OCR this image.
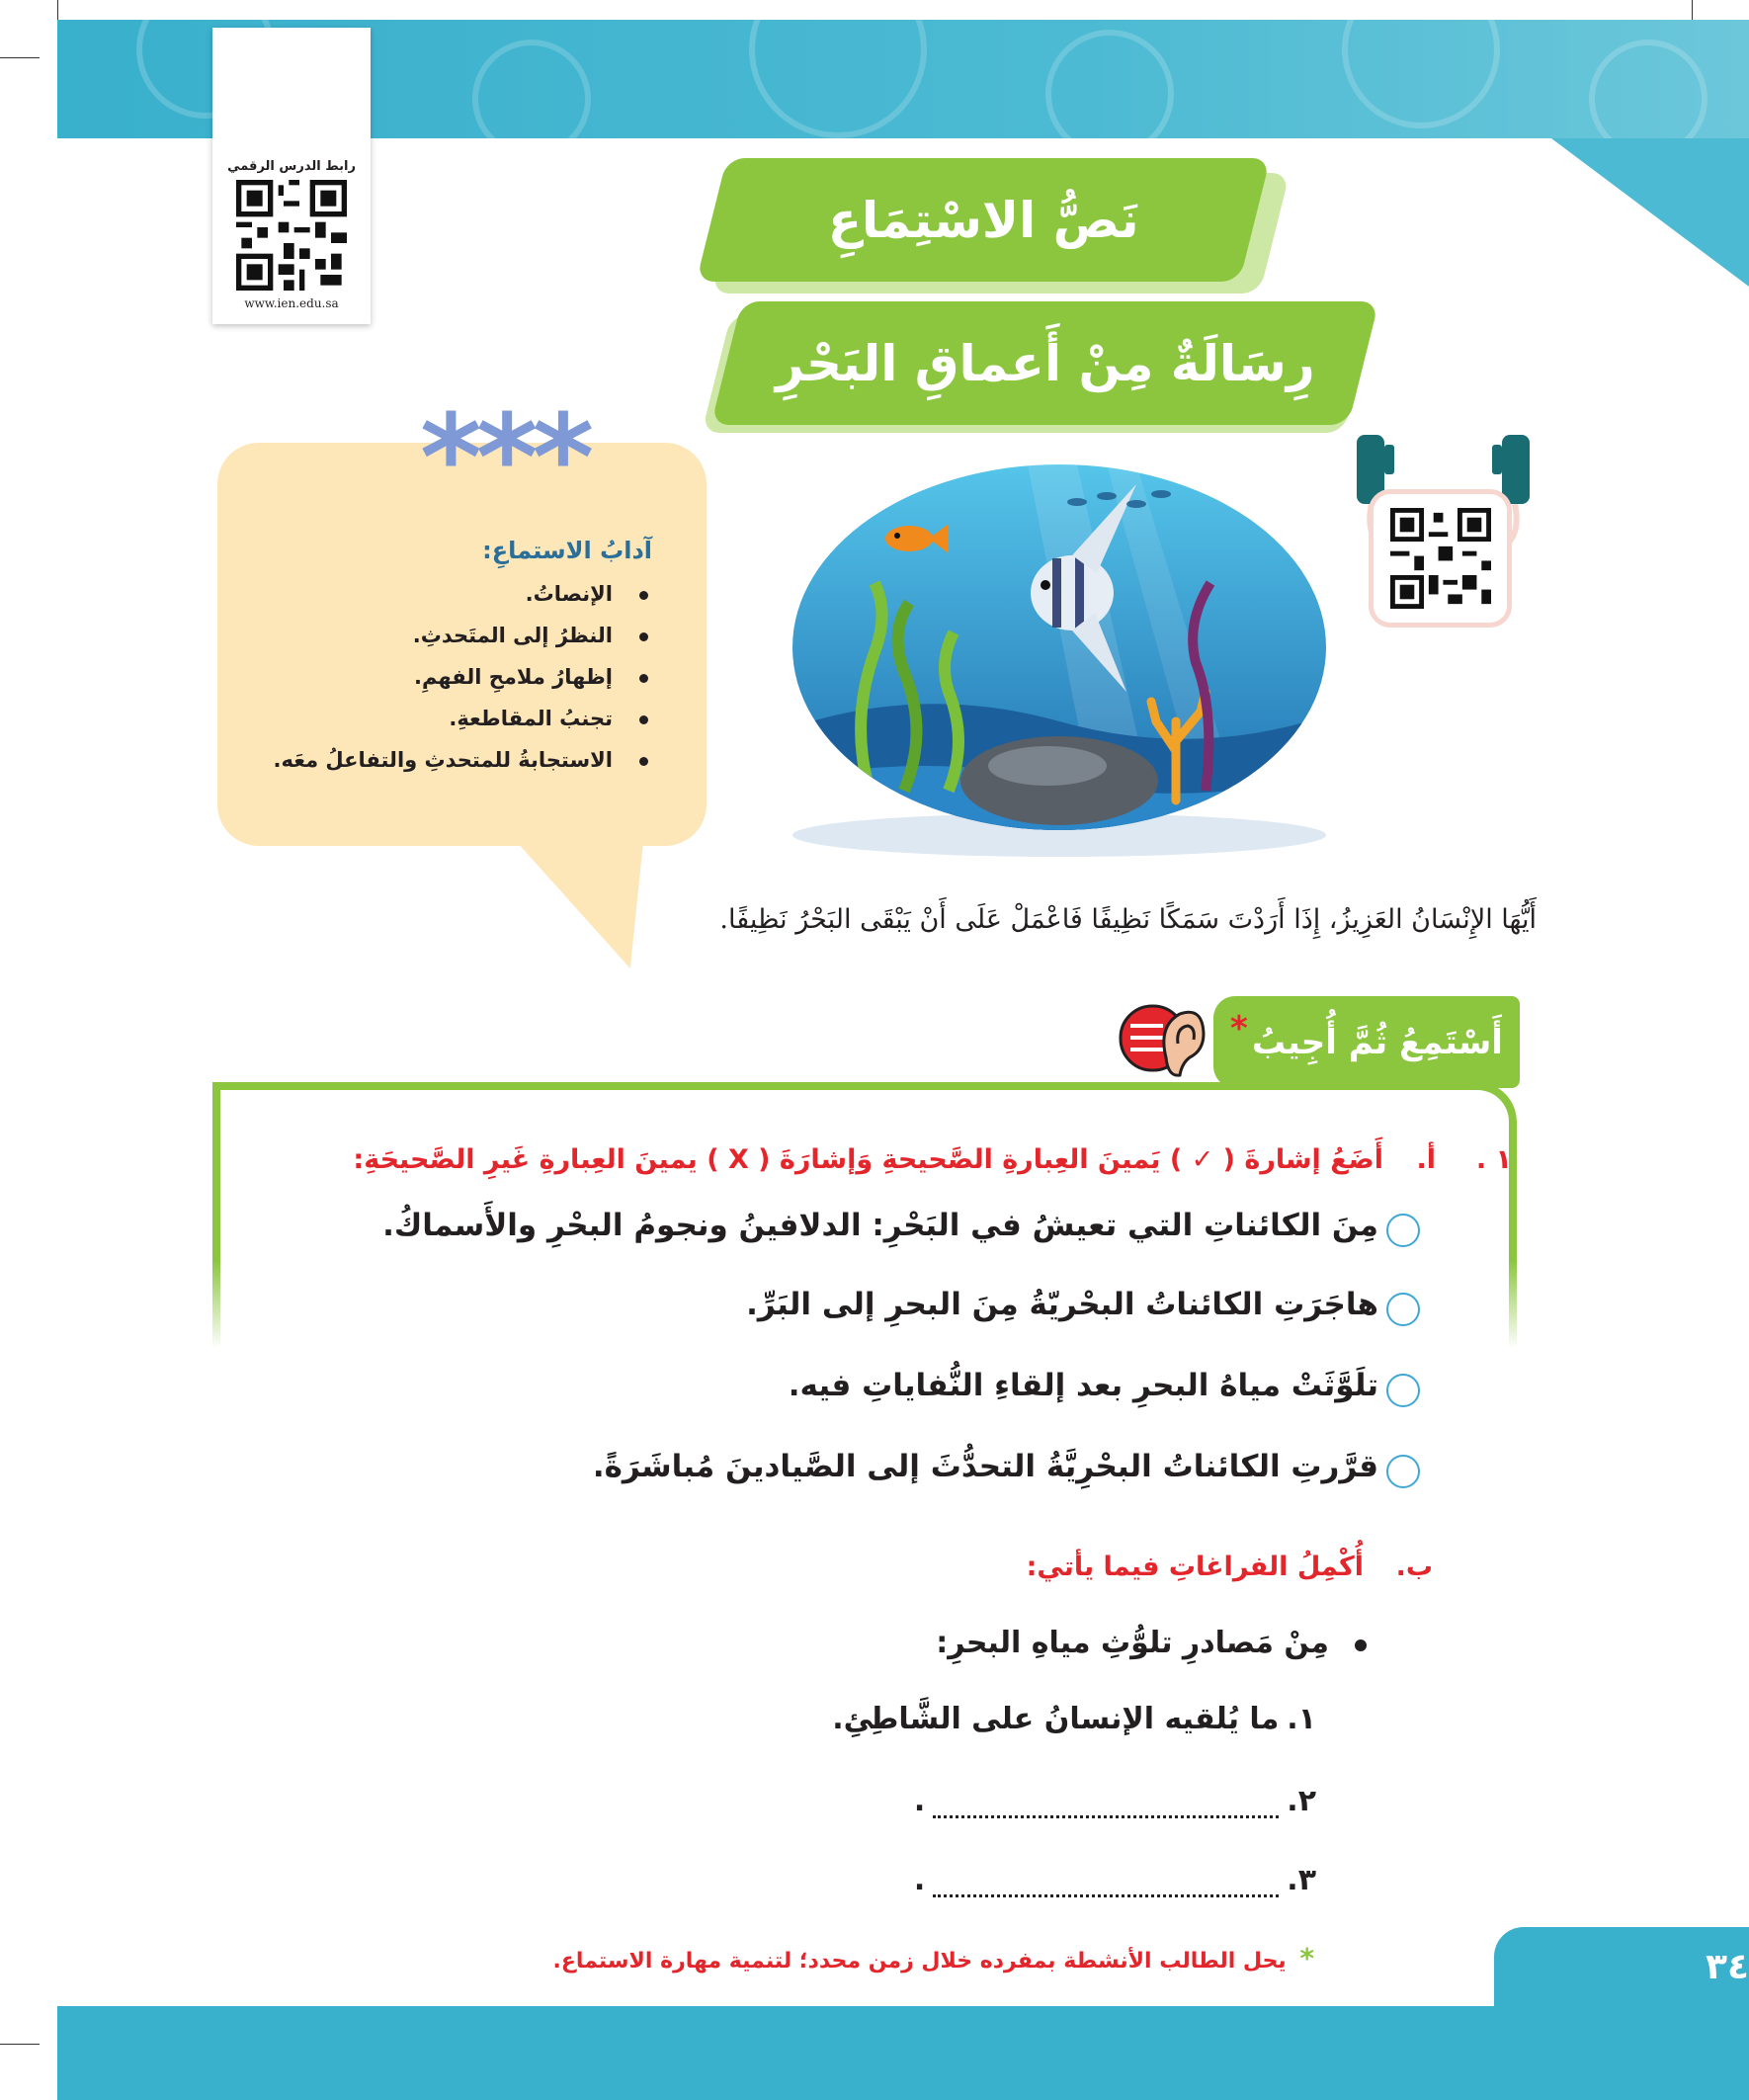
رابط الدرس الرقمي
www.ien.edu.sa
نَصُّ الاسْتِمَاعِ
رِسَالَةٌ مِنْ أَعماقِ البَحْرِ
آدابُ الاستماعِ:
الإنصاتُ.
النظرُ إلى المتَحدثِ.
إظهارُ ملامحِ الفهمِ.
تجنبُ المقاطعةِ.
الاستجابةُ للمتحدثِ والتفاعلُ معَه.
***
أَيُّهَا الإِنْسَانُ العَزِيزُ، إِذَا أَرَدْتَ سَمَكًا نَظِيفًا فَاعْمَلْ عَلَى أَنْ يَبْقَى البَحْرُ نَظِيفًا.
أَسْتَمِعُ ثُمَّ أُجِيبُ
*
١ .
أ.
أَضَعُ إشارةَ ( ✓ ) يَمينَ العِبارةِ الصَّحيحةِ وَإشارَةَ ( X ) يمينَ العِبارةِ غَيرِ الصَّحيحَةِ:
مِنَ الكائناتِ التي تعيشُ في البَحْرِ: الدلافينُ ونجومُ البحْرِ والأَسماكُ.
هاجَرَتِ الكائناتُ البحْريّةُ مِنَ البحرِ إلى البَرِّ.
تلَوَّثَتْ مياهُ البحرِ بعد إلقاءِ النُّفاياتِ فيه.
قرَّرتِ الكائناتُ البحْرِيَّةُ التحدُّثَ إلى الصَّيادينَ مُباشَرَةً.
ب.
أُكْمِلُ الفراغاتِ فيما يأتي:
مِنْ مَصادرِ تلوُّثِ مياهِ البحرِ:
١.
ما يُلقيه الإنسانُ على الشَّاطِئِ.
٢.
.
٣.
.
* يحل الطالب الأنشطة بمفرده خلال زمن محدد؛ لتنمية مهارة الاستماع.	٣٤
